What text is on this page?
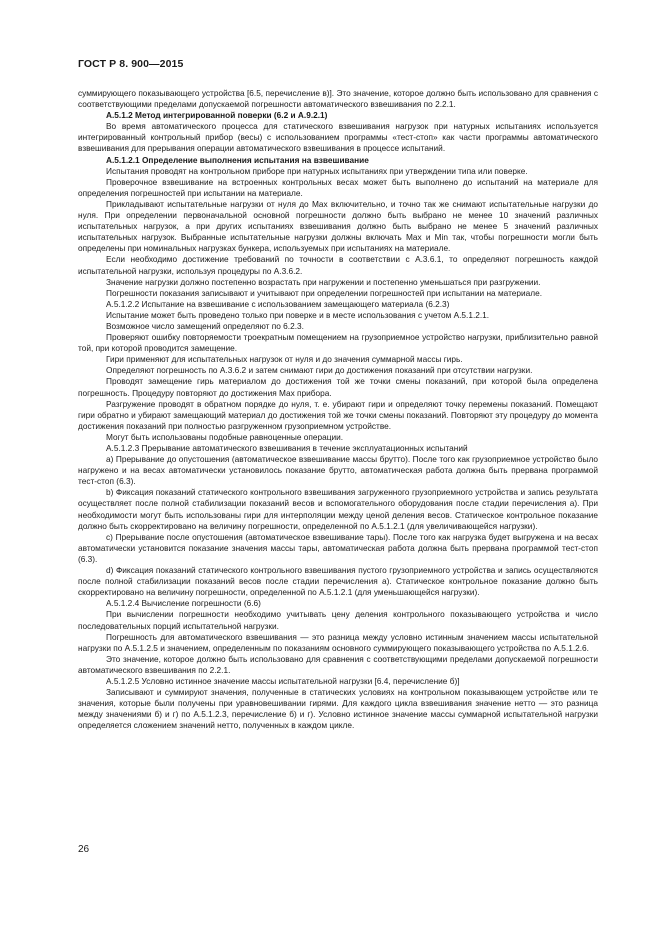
ГОСТ Р 8. 900—2015

суммирующего показывающего устройства [6.5, перечисление в)]. Это значение, которое должно быть использовано для сравнения с соответствующими пределами допускаемой погрешности автоматического взвешивания по 2.2.1.

А.5.1.2 Метод интегрированной поверки (6.2 и А.9.2.1)

Во время автоматического процесса для статического взвешивания нагрузок при натурных испытаниях используется интегрированный контрольный прибор (весы) с использованием программы «тест-стоп» как части программы автоматического взвешивания для прерывания операции автоматического взвешивания в процессе испытаний.

А.5.1.2.1 Определение выполнения испытания на взвешивание

Испытания проводят на контрольном приборе при натурных испытаниях при утверждении типа или поверке.

Проверочное взвешивание на встроенных контрольных весах может быть выполнено до испытаний на материале для определения погрешностей при испытании на материале.

Прикладывают испытательные нагрузки от нуля до Max включительно, и точно так же снимают испытательные нагрузки до нуля. При определении первоначальной основной погрешности должно быть выбрано не менее 10 значений различных испытательных нагрузок, а при других испытаниях взвешивания должно быть выбрано не менее 5 значений различных испытательных нагрузок. Выбранные испытательные нагрузки должны включать Max и Min так, чтобы погрешности могли быть определены при номинальных нагрузках бункера, используемых при испытаниях на материале.

Если необходимо достижение требований по точности в соответствии с А.3.6.1, то определяют погрешность каждой испытательной нагрузки, используя процедуры по А.3.6.2.

Значение нагрузки должно постепенно возрастать при нагружении и постепенно уменьшаться при разгружении.

Погрешности показания записывают и учитывают при определении погрешностей при испытании на материале.

А.5.1.2.2 Испытание на взвешивание с использованием замещающего материала (6.2.3)

Испытание может быть проведено только при поверке и в месте использования с учетом А.5.1.2.1.

Возможное число замещений определяют по 6.2.3.

Проверяют ошибку повторяемости троекратным помещением на грузоприемное устройство нагрузки, приблизительно равной той, при которой проводится замещение.

Гири применяют для испытательных нагрузок от нуля и до значения суммарной массы гирь.

Определяют погрешность по А.3.6.2 и затем снимают гири до достижения показаний при отсутствии нагрузки.

Проводят замещение гирь материалом до достижения той же точки смены показаний, при которой была определена погрешность. Процедуру повторяют до достижения Max прибора.

Разгружение проводят в обратном порядке до нуля, т. е. убирают гири и определяют точку перемены показаний. Помещают гири обратно и убирают замещающий материал до достижения той же точки смены показаний. Повторяют эту процедуру до момента достижения показаний при полностью разгруженном грузоприемном устройстве.

Могут быть использованы подобные равноценные операции.

А.5.1.2.3 Прерывание автоматического взвешивания в течение эксплуатационных испытаний

а) Прерывание до опустошения (автоматическое взвешивание массы брутто). После того как грузоприемное устройство было нагружено и на весах автоматически установилось показание брутто, автоматическая работа должна быть прервана программой тест-стоп (6.3).

b) Фиксация показаний статического контрольного взвешивания загруженного грузоприемного устройства и запись результата осуществляет после полной стабилизации показаний весов и вспомогательного оборудования после стадии перечисления а). При необходимости могут быть использованы гири для интерполяции между ценой деления весов. Статическое контрольное показание должно быть скорректировано на величину погрешности, определенной по А.5.1.2.1 (для увеличивающейся нагрузки).

с) Прерывание после опустошения (автоматическое взвешивание тары). После того как нагрузка будет выгружена и на весах автоматически установится показание значения массы тары, автоматическая работа должна быть прервана программой тест-стоп (6.3).

d) Фиксация показаний статического контрольного взвешивания пустого грузоприемного устройства и запись осуществляются после полной стабилизации показаний весов после стадии перечисления а). Статическое контрольное показание должно быть скорректировано на величину погрешности, определенной по А.5.1.2.1 (для уменьшающейся нагрузки).

А.5.1.2.4 Вычисление погрешности (6.6)

При вычислении погрешности необходимо учитывать цену деления контрольного показывающего устройства и число последовательных порций испытательной нагрузки.

Погрешность для автоматического взвешивания — это разница между условно истинным значением массы испытательной нагрузки по А.5.1.2.5 и значением, определенным по показаниям основного суммирующего показывающего устройства по А.5.1.2.6.

Это значение, которое должно быть использовано для сравнения с соответствующими пределами допускаемой погрешности автоматического взвешивания по 2.2.1.

А.5.1.2.5 Условно истинное значение массы испытательной нагрузки [6.4, перечисление б)]

Записывают и суммируют значения, полученные в статических условиях на контрольном показывающем устройстве или те значения, которые были получены при уравновешивании гирями. Для каждого цикла взвешивания значение нетто — это разница между значениями б) и г) по А.5.1.2.3, перечисление б) и г). Условно истинное значение массы суммарной испытательной нагрузки определяется сложением значений нетто, полученных в каждом цикле.

26
